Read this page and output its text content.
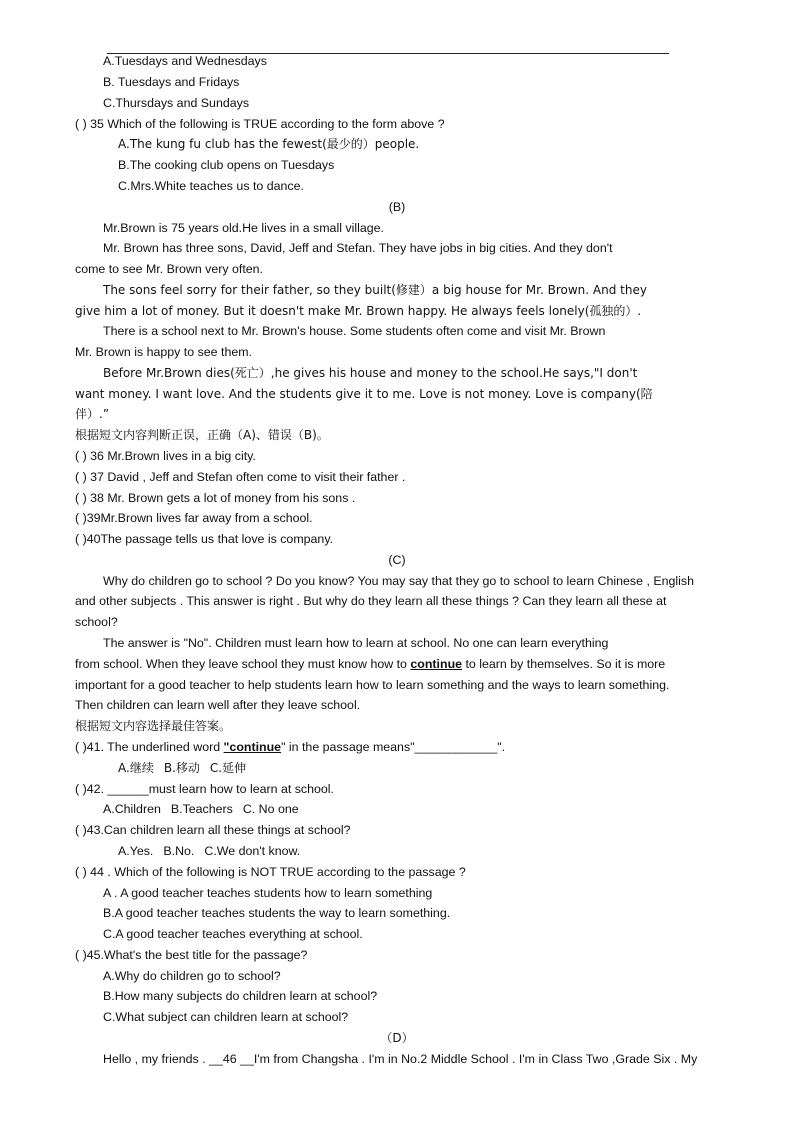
A.Tuesdays and Wednesdays
B. Tuesdays and Fridays
C.Thursdays and Sundays
( ) 35 Which of the following is TRUE according to the form above ?
A.The kung fu club has the fewest(最少的）people.
B.The cooking club opens on Tuesdays
C.Mrs.White teaches us to dance.
(B)
Mr.Brown is 75 years old.He lives in a small village.
Mr. Brown has three sons, David, Jeff and Stefan. They have jobs in big cities. And they don't
come to see Mr. Brown very often.
The sons feel sorry for their father, so they built(修建）a big house for Mr. Brown. And they
give him a lot of money. But it doesn't make Mr. Brown happy. He always feels lonely(孤独的）.
There is a school next to Mr. Brown's house. Some students often come and visit Mr. Brown
Mr. Brown is happy to see them.
Before Mr.Brown dies(死亡）,he gives his house and money to the school.He says,"I don't
want money. I want love. And the students give it to me. Love is not money. Love is company(陪
伴）.”
根据短文内容判断正误，正确（A)、错误（B)。
( ) 36 Mr.Brown lives in a big city.
( ) 37 David , Jeff and Stefan often come to visit their father .
( ) 38 Mr. Brown gets a lot of money from his sons .
( )39Mr.Brown lives far away from a school.
( )40The passage tells us that love is company.
(C)
Why do children go to school ? Do you know? You may say that they go to school to learn Chinese , English
and other subjects . This answer is right . But why do they learn all these things ? Can they learn all these at
school?
The answer is "No". Children must learn how to learn at school. No one can learn everything
from school. When they leave school they must know how to continue to learn by themselves. So it is more
important for a good teacher to help students learn how to learn something and the ways to learn something.
Then children can learn well after they leave school.
根据短文内容选择最佳答案。
( )41. The underlined word "continue" in the passage means"____________".
A.继续 B.移动 C.延伸
( )42. ______must learn how to learn at school.
A.Children B.Teachers C. No one
( )43.Can children learn all these things at school?
A.Yes. B.No. C.We don't know.
( ) 44 . Which of the following is NOT TRUE according to the passage ?
A . A good teacher teaches students how to learn something
B.A good teacher teaches students the way to learn something.
C.A good teacher teaches everything at school.
( )45.What's the best title for the passage?
A.Why do children go to school?
B.How many subjects do children learn at school?
C.What subject can children learn at school?
（D）
Hello , my friends . __46 __I'm from Changsha . I'm in No.2 Middle School . I'm in Class Two ,Grade Six . My
